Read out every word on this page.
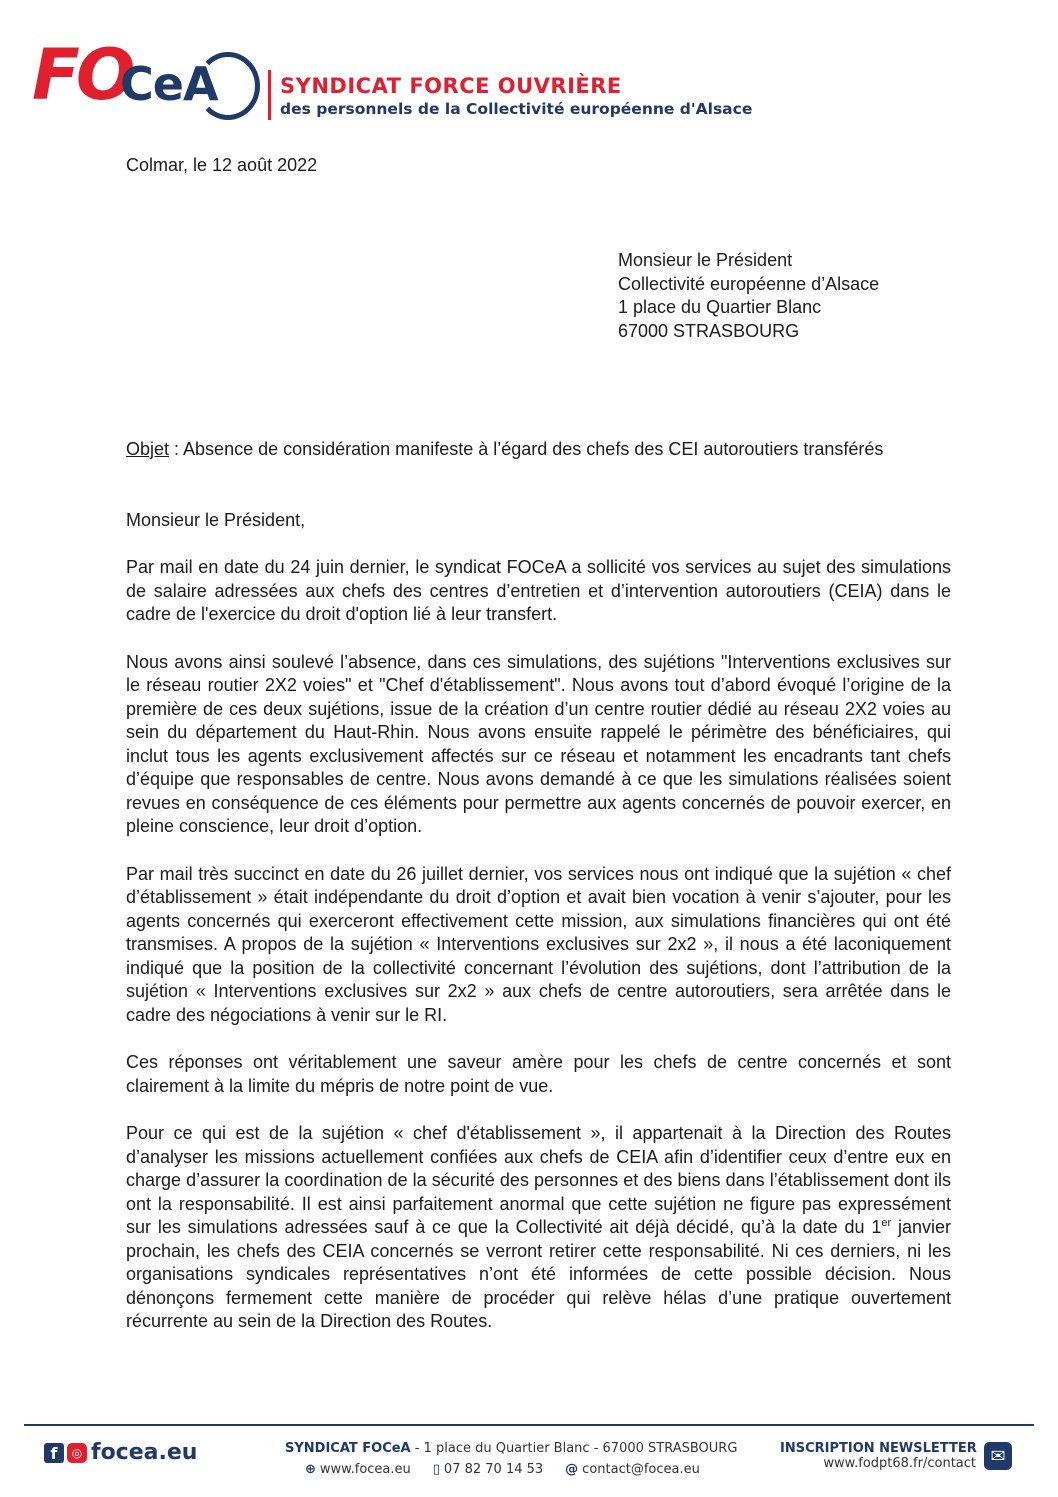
FO
CeA	SYNDICAT FORCE OUVRIÈRE
des personnels de la Collectivité européenne d'Alsace
Colmar, le 12 août 2022
Monsieur le Président
Collectivité européenne d’Alsace
1 place du Quartier Blanc
67000 STRASBOURG
Objet : Absence de considération manifeste à l’égard des chefs des CEI autoroutiers transférés
Monsieur le Président,

Par mail en date du 24 juin dernier, le syndicat FOCeA a sollicité vos services au sujet des simulations de salaire adressées aux chefs des centres d’entretien et d’intervention autoroutiers (CEIA) dans le cadre de l'exercice du droit d'option lié à leur transfert.

Nous avons ainsi soulevé l’absence, dans ces simulations, des sujétions "Interventions exclusives sur le réseau routier 2X2 voies" et "Chef d'établissement". Nous avons tout d’abord évoqué l’origine de la première de ces deux sujétions, issue de la création d’un centre routier dédié au réseau 2X2 voies au sein du département du Haut-Rhin. Nous avons ensuite rappelé le périmètre des bénéficiaires, qui inclut tous les agents exclusivement affectés sur ce réseau et notamment les encadrants tant chefs d’équipe que responsables de centre. Nous avons demandé à ce que les simulations réalisées soient revues en conséquence de ces éléments pour permettre aux agents concernés de pouvoir exercer, en pleine conscience, leur droit d’option.

Par mail très succinct en date du 26 juillet dernier, vos services nous ont indiqué que la sujétion « chef d’établissement » était indépendante du droit d’option et avait bien vocation à venir s’ajouter, pour les agents concernés qui exerceront effectivement cette mission, aux simulations financières qui ont été transmises. A propos de la sujétion « Interventions exclusives sur 2x2 », il nous a été laconiquement indiqué que la position de la collectivité concernant l’évolution des sujétions, dont l’attribution de la sujétion « Interventions exclusives sur 2x2 » aux chefs de centre autoroutiers, sera arrêtée dans le cadre des négociations à venir sur le RI.

Ces réponses ont véritablement une saveur amère pour les chefs de centre concernés et sont clairement à la limite du mépris de notre point de vue.

Pour ce qui est de la sujétion « chef d'établissement », il appartenait à la Direction des Routes d’analyser les missions actuellement confiées aux chefs de CEIA afin d’identifier ceux d’entre eux en charge d’assurer la coordination de la sécurité des personnes et des biens dans l’établissement dont ils ont la responsabilité. Il est ainsi parfaitement anormal que cette sujétion ne figure pas expressément sur les simulations adressées sauf à ce que la Collectivité ait déjà décidé, qu’à la date du 1er janvier prochain, les chefs des CEIA concernés se verront retirer cette responsabilité. Ni ces derniers, ni les organisations syndicales représentatives n’ont été informées de cette possible décision. Nous dénonçons fermement cette manière de procéder qui relève hélas d’une pratique ouvertement récurrente au sein de la Direction des Routes.

f	◎ focea.eu	SYNDICAT FOCeA - 1 place du Quartier Blanc - 67000 STRASBOURG
⊕ www.focea.eu ▯ 07 82 70 14 53 @ contact@focea.eu
INSCRIPTION NEWSLETTER
www.fodpt68.fr/contact ✉
